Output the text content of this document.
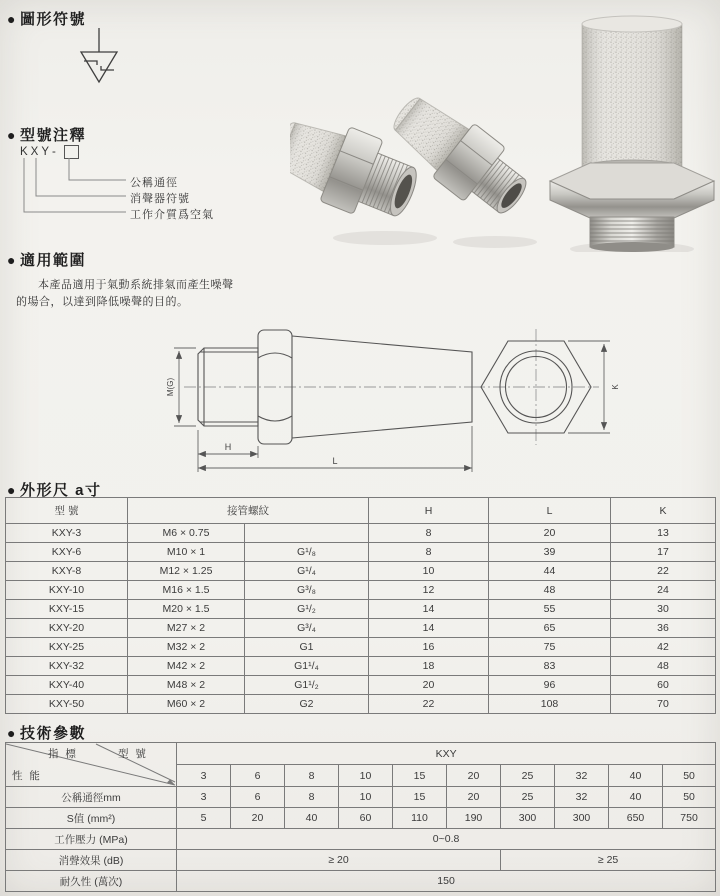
● 圖形符號
● 型號注釋
KXY -
公稱通徑
消聲器符號
工作介質爲空氣
● 適用範圍
本產品適用于氣動系統排氣而產生噪聲
的場合，以達到降低噪聲的目的。
M(G)
H
L
K
● 外形尺 a寸
型 號	接管螺紋		H	L	K
KXY-3	M6 × 0.75		8	20	13
KXY-6	M10 × 1	G¹/₈	8	39	17
KXY-8	M12 × 1.25	G¹/₄	10	44	22
KXY-10	M16 × 1.5	G³/₈	12	48	24
KXY-15	M20 × 1.5	G¹/₂	14	55	30
KXY-20	M27 × 2	G³/₄	14	65	36
KXY-25	M32 × 2	G1	16	75	42
KXY-32	M42 × 2	G1¹/₄	18	83	48
KXY-40	M48 × 2	G1¹/₂	20	96	60
KXY-50	M60 × 2	G2	22	108	70
● 技術參數
指 標 型 號
性 能	KXY									
	3	6	8	10	15	20	25	32	40	50
公稱通徑mm	3	6	8	10	15	20	25	32	40	50
S值 (mm²)	5	20	40	60	110	190	300	300	650	750
工作壓力 (MPa)	0~0.8									
消聲效果 (dB)	≥ 20						≥ 25			
耐久性 (萬次)	150									
